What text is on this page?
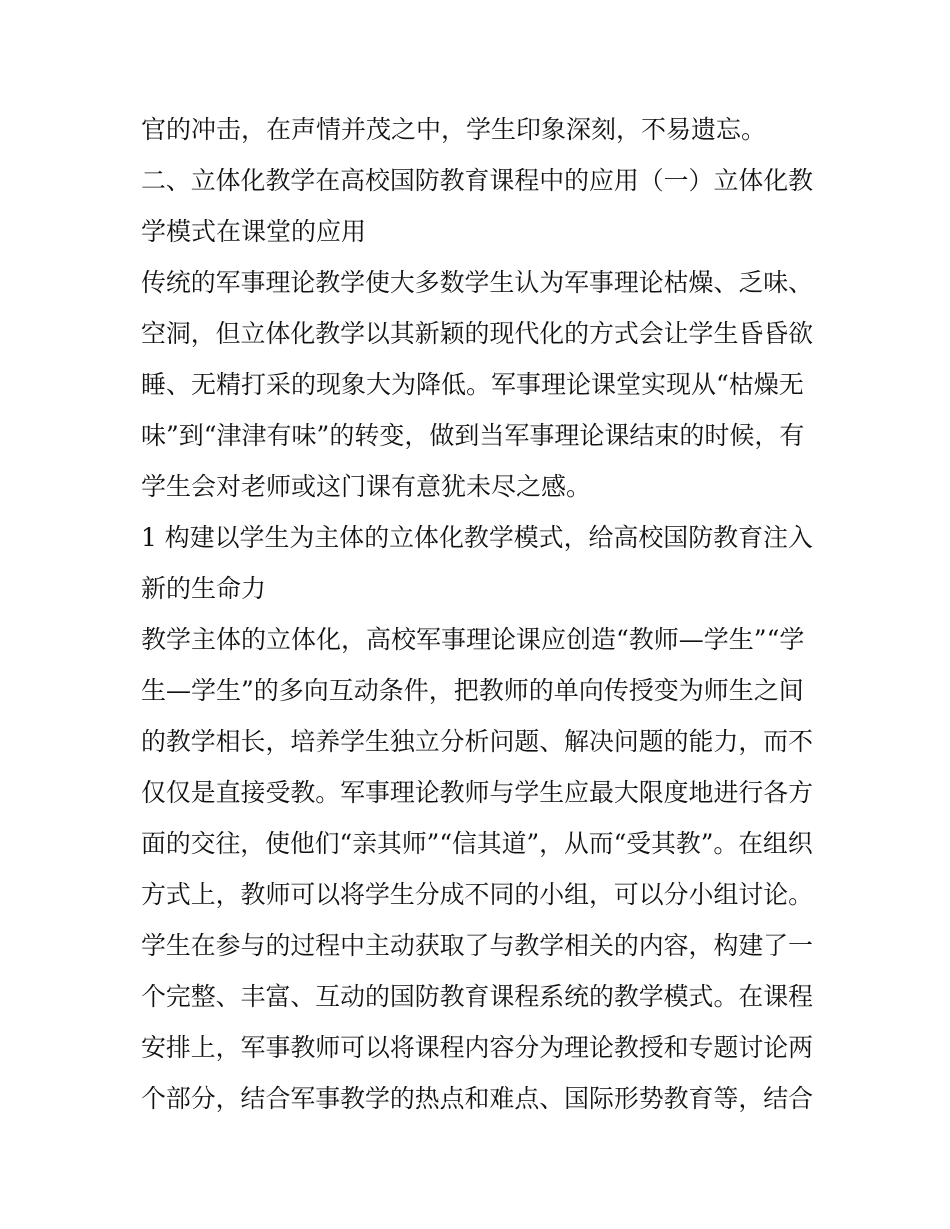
官的冲击，在声情并茂之中，学生印象深刻，不易遗忘。
二、立体化教学在高校国防教育课程中的应用（一）立体化教
学模式在课堂的应用
传统的军事理论教学使大多数学生认为军事理论枯燥、乏味、
空洞，但立体化教学以其新颖的现代化的方式会让学生昏昏欲
睡、无精打采的现象大为降低。军事理论课堂实现从“枯燥无
味”到“津津有味”的转变，做到当军事理论课结束的时候，有
学生会对老师或这门课有意犹未尽之感。
1 构建以学生为主体的立体化教学模式，给高校国防教育注入
新的生命力
教学主体的立体化，高校军事理论课应创造“教师—学生”“学
生—学生”的多向互动条件，把教师的单向传授变为师生之间
的教学相长，培养学生独立分析问题、解决问题的能力，而不
仅仅是直接受教。军事理论教师与学生应最大限度地进行各方
面的交往，使他们“亲其师”“信其道”，从而“受其教”。在组织
方式上，教师可以将学生分成不同的小组，可以分小组讨论。
学生在参与的过程中主动获取了与教学相关的内容，构建了一
个完整、丰富、互动的国防教育课程系统的教学模式。在课程
安排上，军事教师可以将课程内容分为理论教授和专题讨论两
个部分，结合军事教学的热点和难点、国际形势教育等，结合
